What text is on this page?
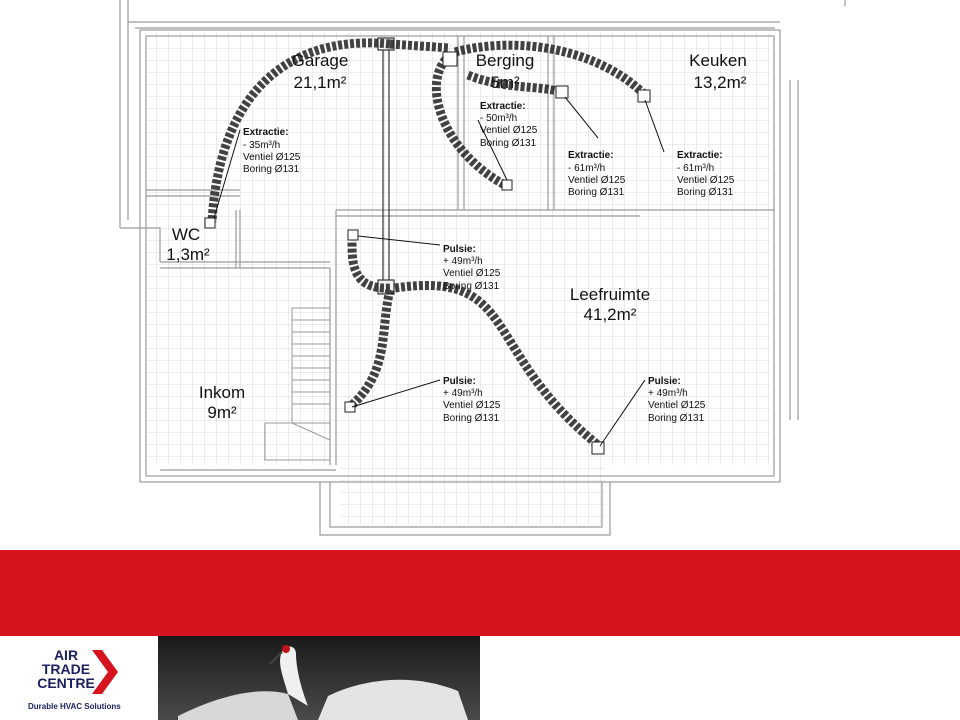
Garage
21,1m²
Berging
5m²
Keuken
13,2m²
WC
1,3m²
Leefruimte
41,2m²
Inkom
9m²
Extractie:
- 35m³/h
Ventiel Ø125
Boring Ø131
Extractie:
- 50m³/h
Ventiel Ø125
Boring Ø131
Extractie:
- 61m³/h
Ventiel Ø125
Boring Ø131
Extractie:
- 61m³/h
Ventiel Ø125
Boring Ø131
Pulsie:
+ 49m³/h
Ventiel Ø125
Boring Ø131
Pulsie:
+ 49m³/h
Ventiel Ø125
Boring Ø131
Pulsie:
+ 49m³/h
Ventiel Ø125
Boring Ø131
AIR TRADE CENTRE
Durable HVAC Solutions
